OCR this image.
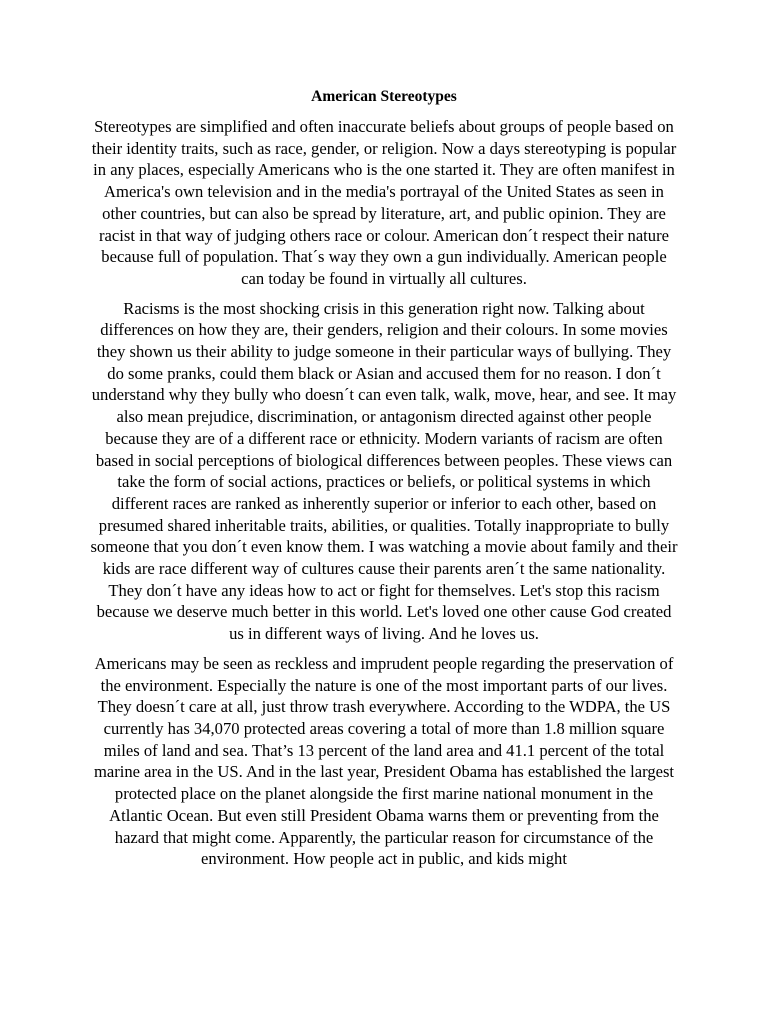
American Stereotypes

Stereotypes are simplified and often inaccurate beliefs about groups of people based on their identity traits, such as race, gender, or religion. Now a days stereotyping is popular in any places, especially Americans who is the one started it. They are often manifest in America's own television and in the media's portrayal of the United States as seen in other countries, but can also be spread by literature, art, and public opinion. They are racist in that way of judging others race or colour. American don´t respect their nature because full of population. That´s way they own a gun individually. American people can today be found in virtually all cultures.

Racisms is the most shocking crisis in this generation right now. Talking about differences on how they are, their genders, religion and their colours. In some movies they shown us their ability to judge someone in their particular ways of bullying. They do some pranks, could them black or Asian and accused them for no reason. I don´t understand why they bully who doesn´t can even talk, walk, move, hear, and see. It may also mean prejudice, discrimination, or antagonism directed against other people because they are of a different race or ethnicity. Modern variants of racism are often based in social perceptions of biological differences between peoples. These views can take the form of social actions, practices or beliefs, or political systems in which different races are ranked as inherently superior or inferior to each other, based on presumed shared inheritable traits, abilities, or qualities. Totally inappropriate to bully someone that you don´t even know them. I was watching a movie about family and their kids are race different way of cultures cause their parents aren´t the same nationality. They don´t have any ideas how to act or fight for themselves. Let's stop this racism because we deserve much better in this world. Let's loved one other cause God created us in different ways of living. And he loves us.

Americans may be seen as reckless and imprudent people regarding the preservation of the environment. Especially the nature is one of the most important parts of our lives. They doesn´t care at all, just throw trash everywhere. According to the WDPA, the US currently has 34,070 protected areas covering a total of more than 1.8 million square miles of land and sea. That’s 13 percent of the land area and 41.1 percent of the total marine area in the US. And in the last year, President Obama has established the largest protected place on the planet alongside the first marine national monument in the Atlantic Ocean. But even still President Obama warns them or preventing from the hazard that might come. Apparently, the particular reason for circumstance of the environment. How people act in public, and kids might
